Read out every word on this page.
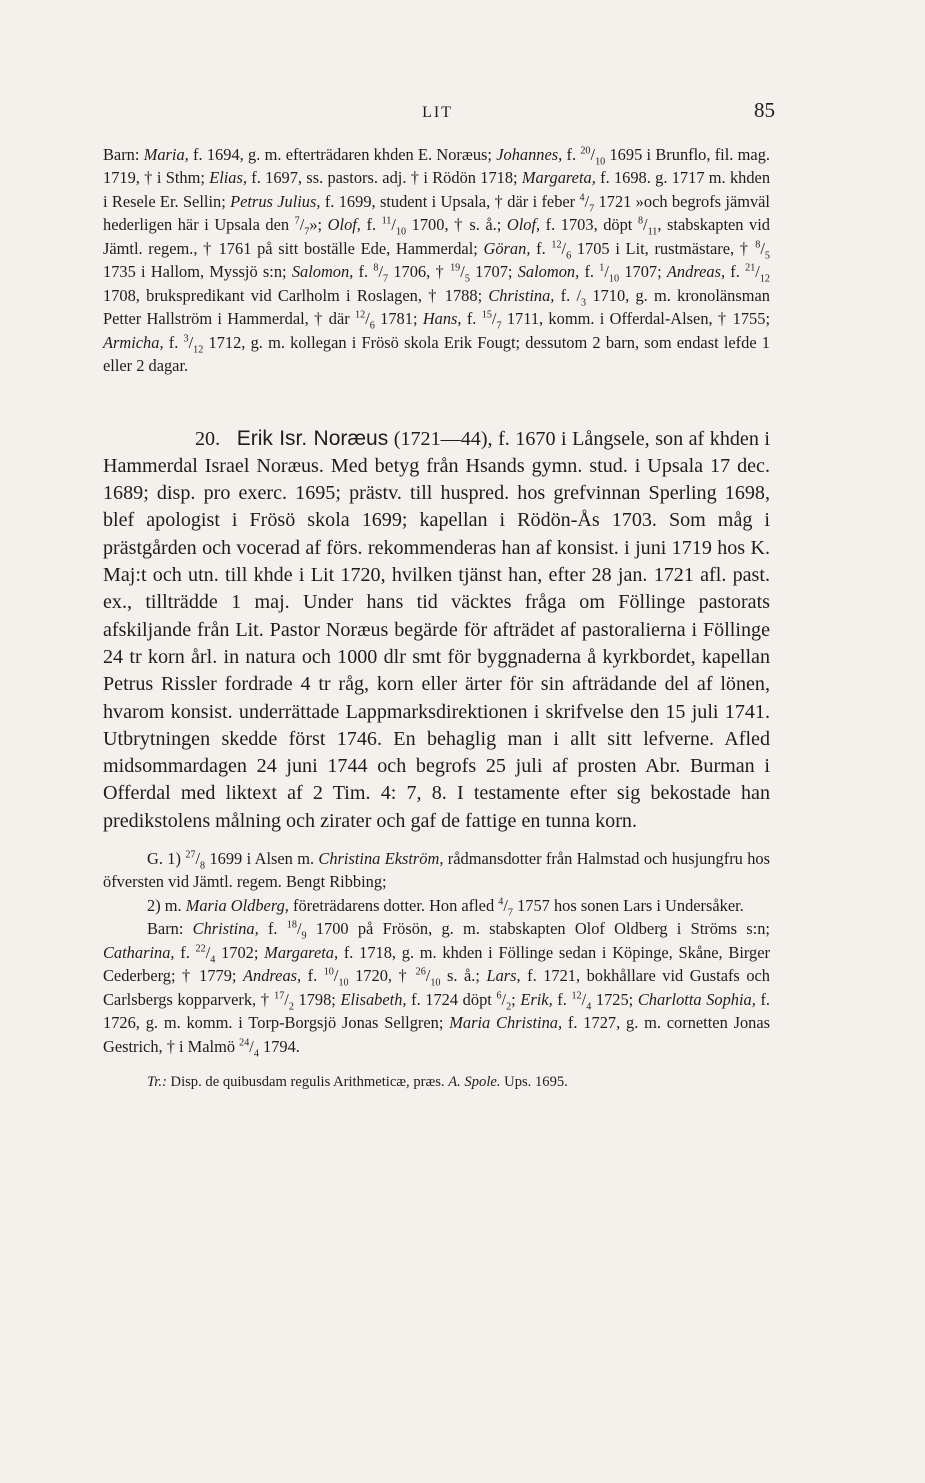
LIT	85

Barn: Maria, f. 1694, g. m. efterträdaren khden E. Noræus; Johannes, f. $^{20}/_{10}$ 1695 i Brunflo, fil. mag. 1719, † i Sthm; Elias, f. 1697, ss. pastors. adj. † i Rödön 1718; Margareta, f. 1698. g. 1717 m. khden i Resele Er. Sellin; Petrus Julius, f. 1699, student i Upsala, † där i feber $^4/_7$ 1721 »och begrofs jämväl hederligen här i Upsala den $^7/_7$»; Olof, f. $^{11}/_{10}$ 1700, † s. å.; Olof, f. 1703, döpt $^8/_{11}$, stabskapten vid Jämtl. regem., † 1761 på sitt boställe Ede, Hammerdal; Göran, f. $^{12}/_6$ 1705 i Lit, rustmästare, † $^8/_5$ 1735 i Hallom, Myssjö s:n; Salomon, f. $^8/_7$ 1706, † $^{19}/_5$ 1707; Salomon, f. $^1/_{10}$ 1707; Andreas, f. $^{21}/_{12}$ 1708, brukspredikant vid Carlholm i Roslagen, † 1788; Christina, f. $/_3$ 1710, g. m. kronolänsman Petter Hallström i Hammerdal, † där $^{12}/_6$ 1781; Hans, f. $^{15}/_7$ 1711, komm. i Offerdal-Alsen, † 1755; Armicha, f. $^3/_{12}$ 1712, g. m. kollegan i Frösö skola Erik Fougt; dessutom 2 barn, som endast lefde 1 eller 2 dagar.

20. Erik Isr. Noræus (1721—44), f. 1670 i Långsele, son af khden i Hammerdal Israel Noræus. Med betyg från Hsands gymn. stud. i Upsala 17 dec. 1689; disp. pro exerc. 1695; prästv. till huspred. hos grefvinnan Sperling 1698, blef apologist i Frösö skola 1699; kapellan i Rödön-Ås 1703. Som måg i prästgården och vocerad af förs. rekommenderas han af konsist. i juni 1719 hos K. Maj:t och utn. till khde i Lit 1720, hvilken tjänst han, efter 28 jan. 1721 afl. past. ex., tillträdde 1 maj. Under hans tid väcktes fråga om Föllinge pastorats afskiljande från Lit. Pastor Noræus begärde för afträdet af pastoralierna i Föllinge 24 tr korn årl. in natura och 1000 dlr smt för byggnaderna å kyrkbordet, kapellan Petrus Rissler fordrade 4 tr råg, korn eller ärter för sin afträdande del af lönen, hvarom konsist. underrättade Lappmarksdirektionen i skrifvelse den 15 juli 1741. Utbrytningen skedde först 1746. En behaglig man i allt sitt lefverne. Afled midsommardagen 24 juni 1744 och begrofs 25 juli af prosten Abr. Burman i Offerdal med liktext af 2 Tim. 4: 7, 8. I testamente efter sig bekostade han predikstolens målning och zirater och gaf de fattige en tunna korn.

G. 1) $^{27}/_8$ 1699 i Alsen m. Christina Ekström, rådmansdotter från Halmstad och husjungfru hos öfversten vid Jämtl. regem. Bengt Ribbing;

2) m. Maria Oldberg, företrädarens dotter. Hon afled $^4/_7$ 1757 hos sonen Lars i Undersåker.

Barn: Christina, f. $^{18}/_9$ 1700 på Frösön, g. m. stabskapten Olof Oldberg i Ströms s:n; Catharina, f. $^{22}/_4$ 1702; Margareta, f. 1718, g. m. khden i Föllinge sedan i Köpinge, Skåne, Birger Cederberg; † 1779; Andreas, f. $^{10}/_{10}$ 1720, † $^{26}/_{10}$ s. å.; Lars, f. 1721, bokhållare vid Gustafs och Carlsbergs kopparverk, † $^{17}/_2$ 1798; Elisabeth, f. 1724 döpt $^6/_2$; Erik, f. $^{12}/_4$ 1725; Charlotta Sophia, f. 1726, g. m. komm. i Torp-Borgsjö Jonas Sellgren; Maria Christina, f. 1727, g. m. cornetten Jonas Gestrich, † i Malmö $^{24}/_4$ 1794.

Tr.: Disp. de quibusdam regulis Arithmeticæ, præs. A. Spole. Ups. 1695.
